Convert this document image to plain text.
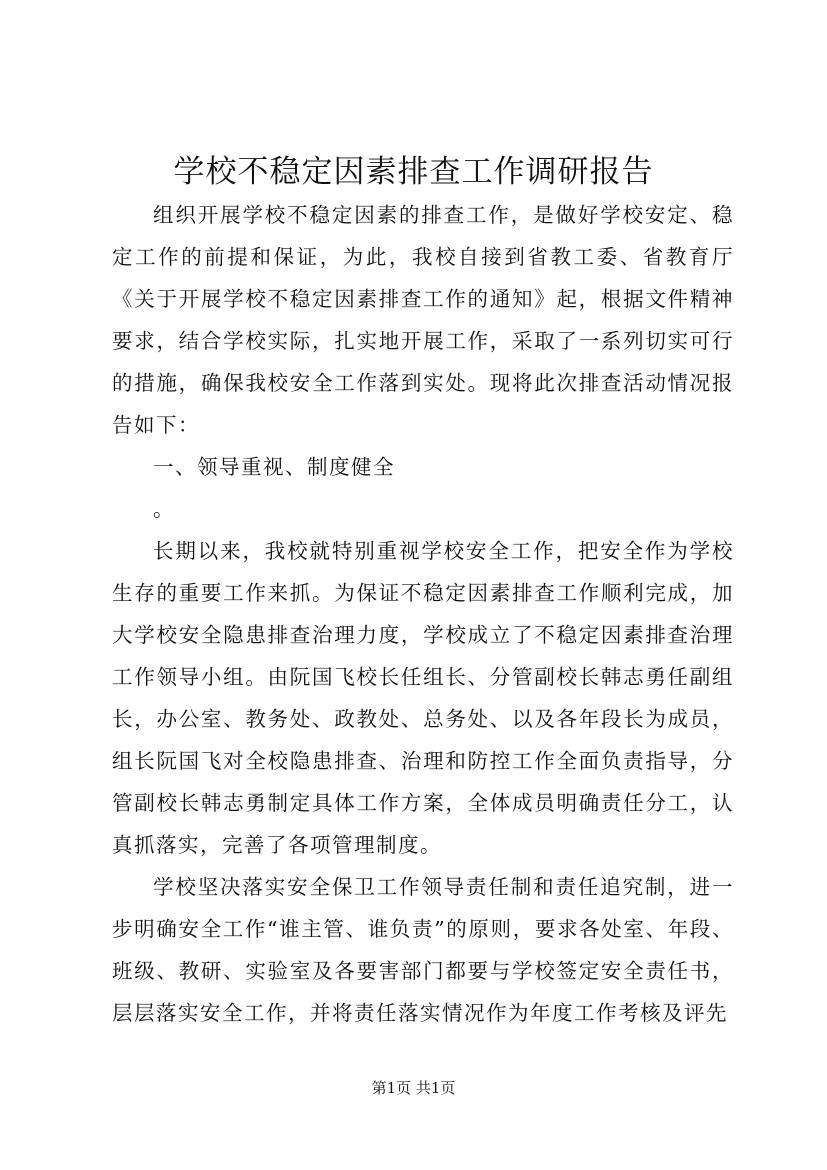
学校不稳定因素排查工作调研报告

组织开展学校不稳定因素的排查工作，是做好学校安定、稳定工作的前提和保证，为此，我校自接到省教工委、省教育厅《关于开展学校不稳定因素排查工作的通知》起，根据文件精神要求，结合学校实际，扎实地开展工作，采取了一系列切实可行的措施，确保我校安全工作落到实处。现将此次排查活动情况报告如下：

一、领导重视、制度健全

。

长期以来，我校就特别重视学校安全工作，把安全作为学校生存的重要工作来抓。为保证不稳定因素排查工作顺利完成，加大学校安全隐患排查治理力度，学校成立了不稳定因素排查治理工作领导小组。由阮国飞校长任组长、分管副校长韩志勇任副组长，办公室、教务处、政教处、总务处、以及各年段长为成员，组长阮国飞对全校隐患排查、治理和防控工作全面负责指导，分管副校长韩志勇制定具体工作方案，全体成员明确责任分工，认真抓落实，完善了各项管理制度。

学校坚决落实安全保卫工作领导责任制和责任追究制，进一步明确安全工作“谁主管、谁负责”的原则，要求各处室、年段、班级、教研、实验室及各要害部门都要与学校签定安全责任书，层层落实安全工作，并将责任落实情况作为年度工作考核及评先

第1页 共1页
